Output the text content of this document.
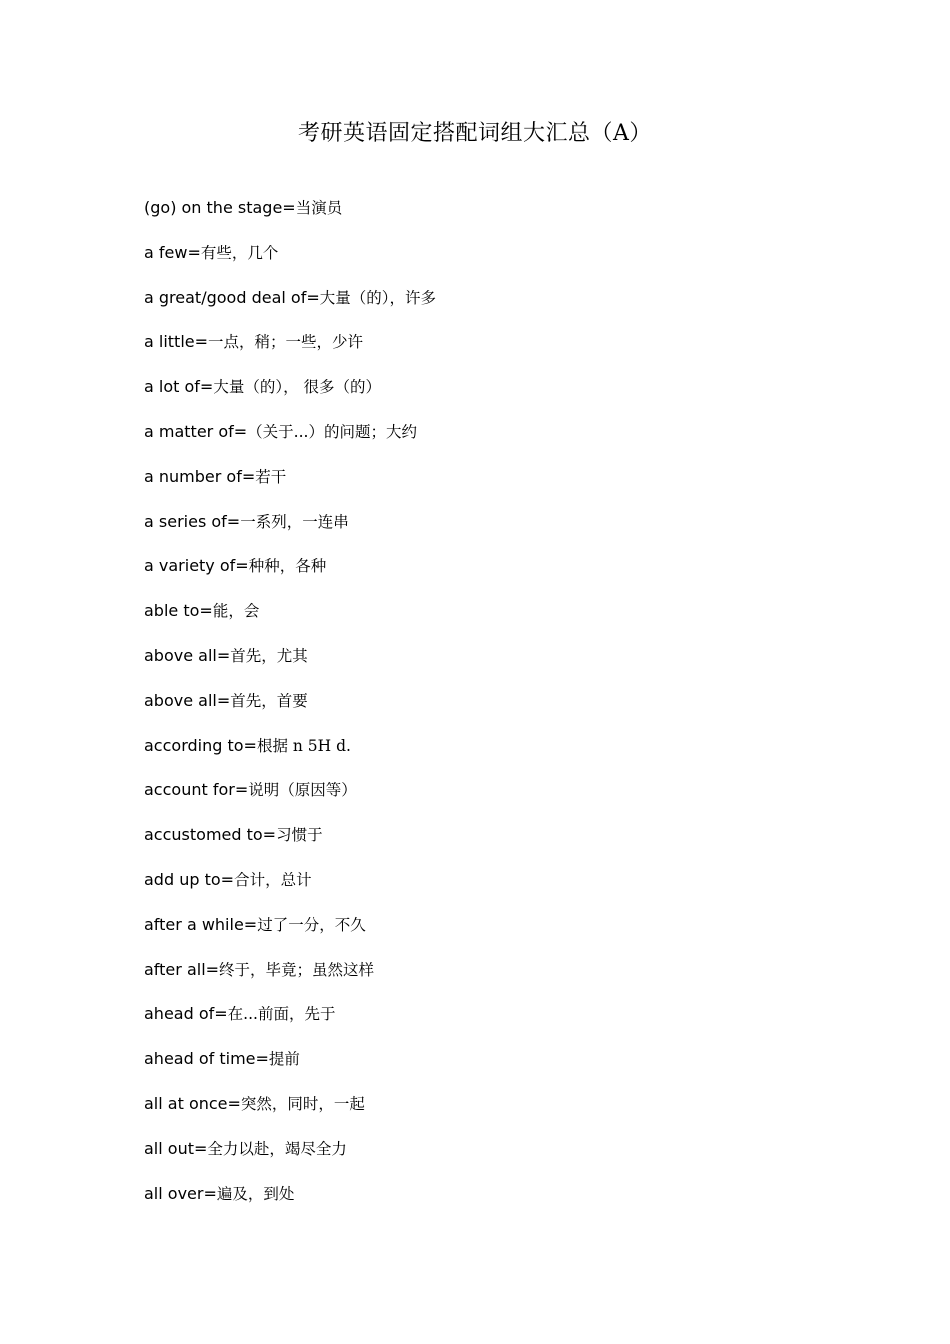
考研英语固定搭配词组大汇总（A）
(go) on the stage=当演员
a few=有些，几个
a great/good deal of=大量（的），许多
a little=一点，稍；一些，少许
a lot of=大量（的）， 很多（的）
a matter of=（关于...）的问题；大约
a number of=若干
a series of=一系列，一连串
a variety of=种种，各种
able to=能，会
above all=首先，尤其
above all=首先，首要
according to=根据 n 5H d.
account for=说明（原因等）
accustomed to=习惯于
add up to=合计，总计
after a while=过了一分，不久
after all=终于，毕竟；虽然这样
ahead of=在...前面，先于
ahead of time=提前
all at once=突然，同时，一起
all out=全力以赴，竭尽全力
all over=遍及，到处
